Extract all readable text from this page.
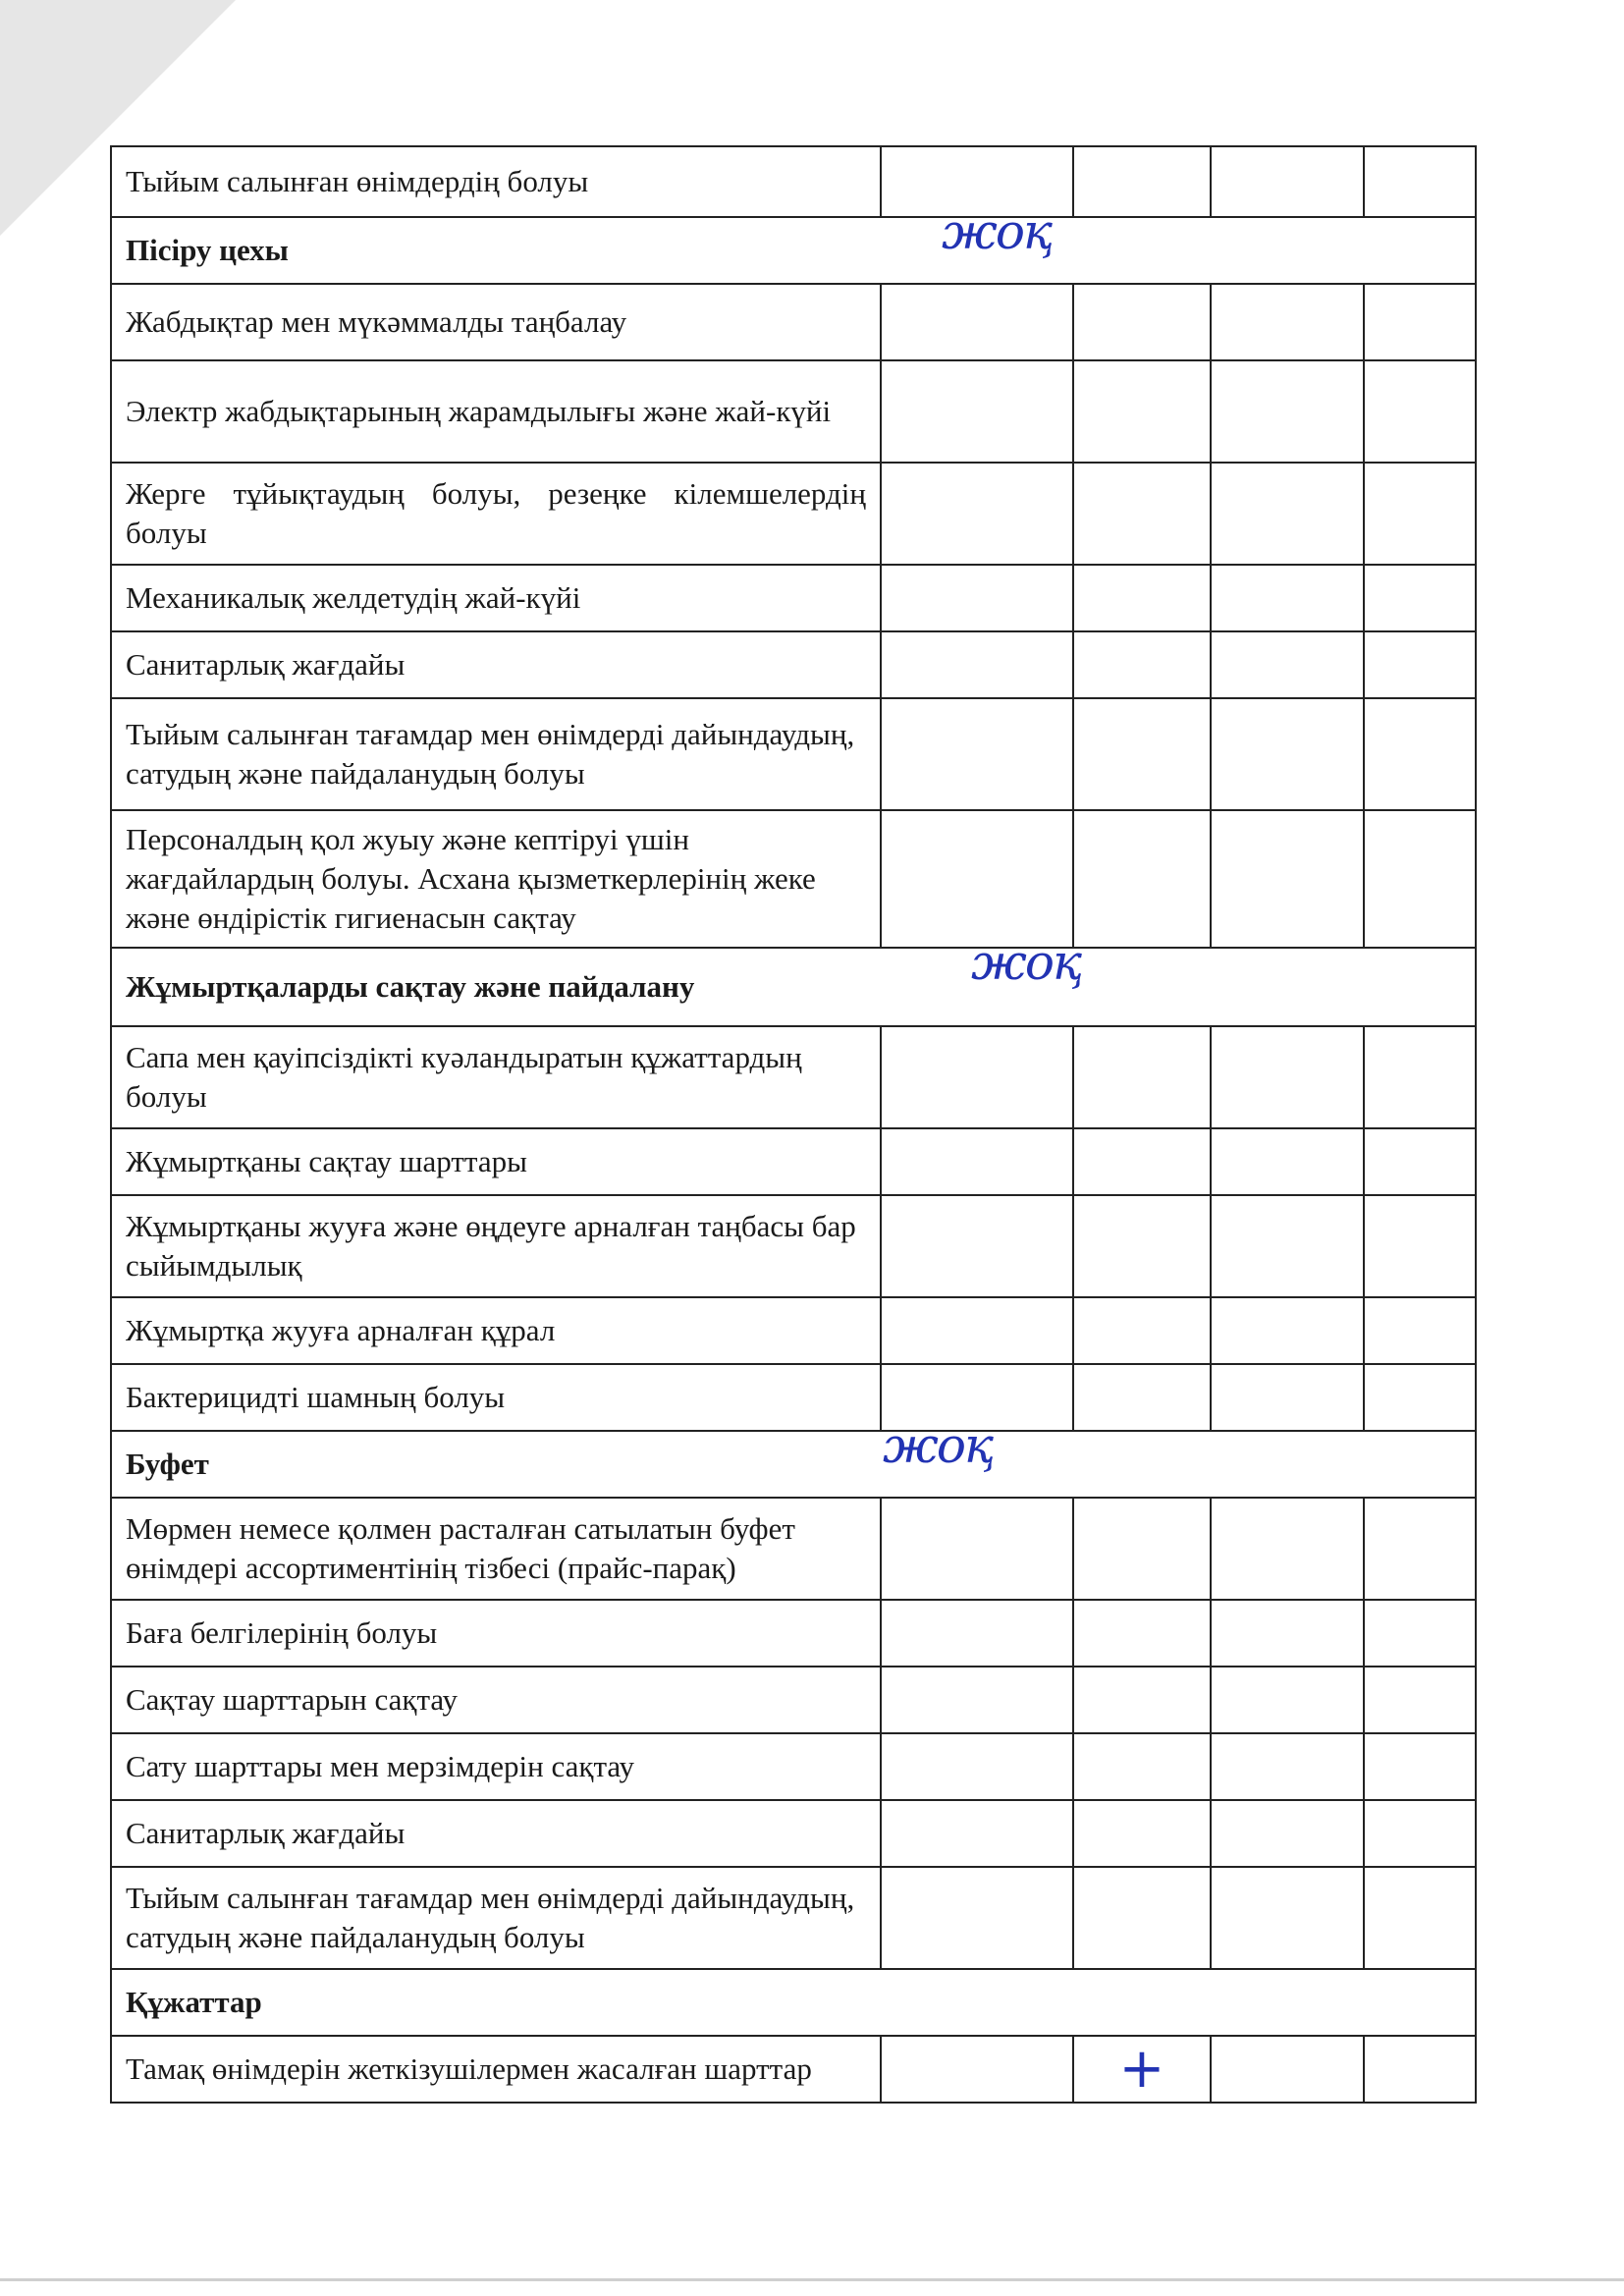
Тыйым салынған өнімдердің болуы				

Пісіру цехы жоқ				

Жабдықтар мен мүкәммалды таңбалау				

Электр жабдықтарының жарамдылығы және жай-күйі				

Жерге тұйықтаудың болуы, резеңке кілемшелердің болуы				

Механикалық желдетудің жай-күйі				

Санитарлық жағдайы				

Тыйым салынған тағамдар мен өнімдерді дайындаудың, сатудың және пайдаланудың болуы				

Персоналдың қол жуыу және кептіруі үшін жағдайлардың болуы. Асхана қызметкерлерінің жеке және өндірістік гигиенасын сақтау				

Жұмыртқаларды сақтау және пайдалану жоқ				

Сапа мен қауіпсіздікті куәландыратын құжаттардың болуы				

Жұмыртқаны сақтау шарттары				

Жұмыртқаны жууға және өңдеуге арналған таңбасы бар сыйымдылық				

Жұмыртқа жууға арналған құрал				

Бактерицидті шамның болуы				

Буфет жоқ				

Мөрмен немесе қолмен расталған сатылатын буфет өнімдері ассортиментінің тізбесі (прайс-парақ)				

Баға белгілерінің болуы				

Сақтау шарттарын сақтау				

Сату шарттары мен мерзімдерін сақтау				

Санитарлық жағдайы				

Тыйым салынған тағамдар мен өнімдерді дайындаудың, сатудың және пайдаланудың болуы				

Құжаттар				

Тамақ өнімдерін жеткізушілермен жасалған шарттар		+		
